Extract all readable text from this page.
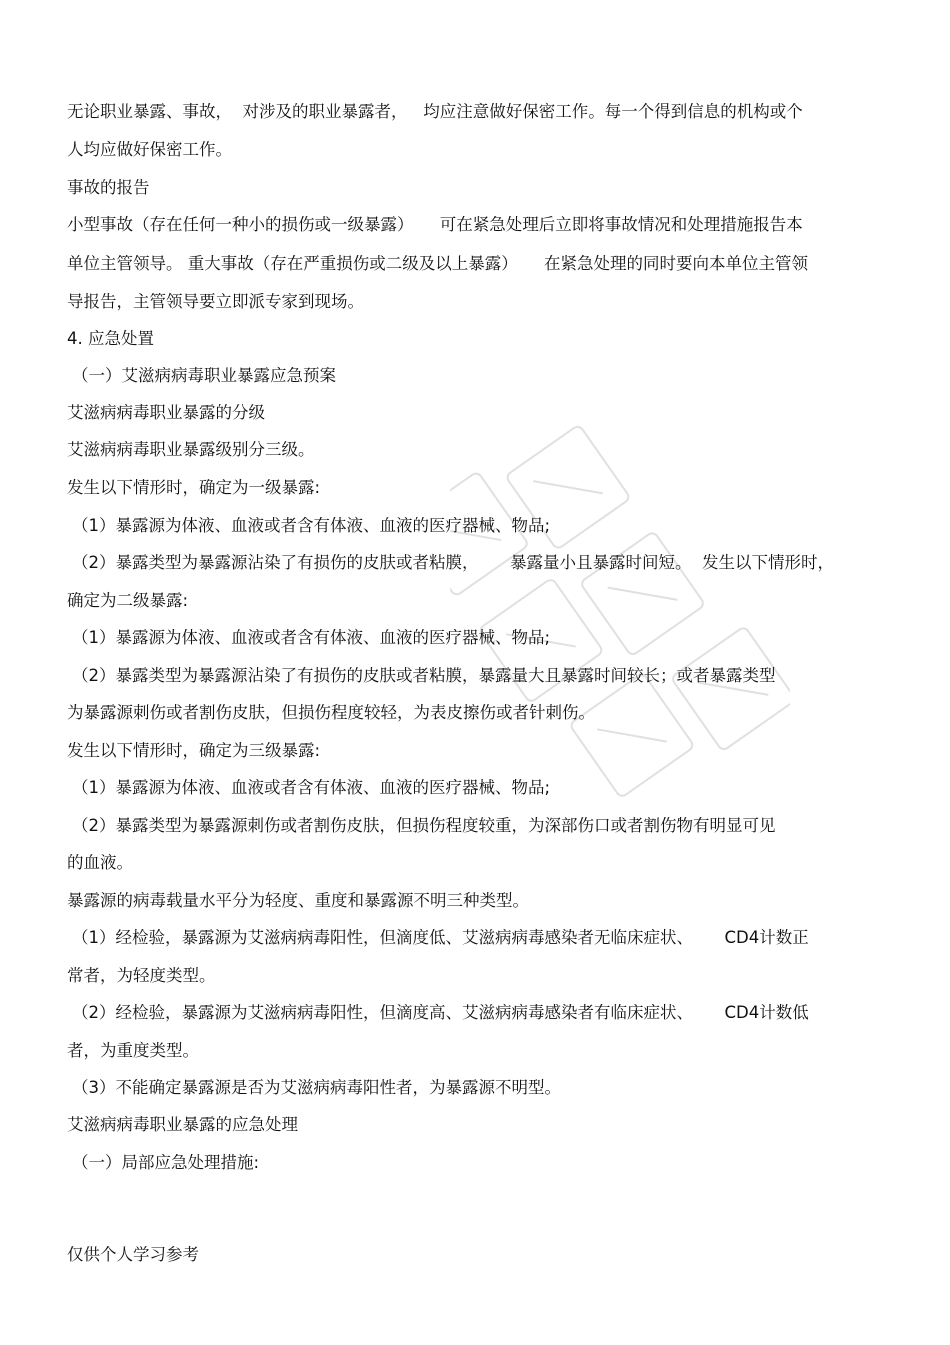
无论职业暴露、事故，  对涉及的职业暴露者，   均应注意做好保密工作。每一个得到信息的机构或个
人均应做好保密工作。
事故的报告
小型事故（存在任何一种小的损伤或一级暴露）     可在紧急处理后立即将事故情况和处理措施报告本
单位主管领导。 重大事故（存在严重损伤或二级及以上暴露）     在紧急处理的同时要向本单位主管领
导报告，主管领导要立即派专家到现场。
4. 应急处置
（一）艾滋病病毒职业暴露应急预案
艾滋病病毒职业暴露的分级
艾滋病病毒职业暴露级别分三级。
发生以下情形时，确定为一级暴露:
（1）暴露源为体液、血液或者含有体液、血液的医疗器械、物品;
（2）暴露类型为暴露源沾染了有损伤的皮肤或者粘膜，      暴露量小且暴露时间短。  发生以下情形时，
确定为二级暴露:
（1）暴露源为体液、血液或者含有体液、血液的医疗器械、物品;
（2）暴露类型为暴露源沾染了有损伤的皮肤或者粘膜，暴露量大且暴露时间较长；或者暴露类型
为暴露源刺伤或者割伤皮肤，但损伤程度较轻，为表皮擦伤或者针刺伤。
发生以下情形时，确定为三级暴露:
（1）暴露源为体液、血液或者含有体液、血液的医疗器械、物品;
（2）暴露类型为暴露源刺伤或者割伤皮肤，但损伤程度较重，为深部伤口或者割伤物有明显可见
的血液。
暴露源的病毒载量水平分为轻度、重度和暴露源不明三种类型。
（1）经检验，暴露源为艾滋病病毒阳性，但滴度低、艾滋病病毒感染者无临床症状、      CD4计数正
常者，为轻度类型。
（2）经检验，暴露源为艾滋病病毒阳性，但滴度高、艾滋病病毒感染者有临床症状、      CD4计数低
者，为重度类型。
（3）不能确定暴露源是否为艾滋病病毒阳性者，为暴露源不明型。
艾滋病病毒职业暴露的应急处理
（一）局部应急处理措施:
仅供个人学习参考
